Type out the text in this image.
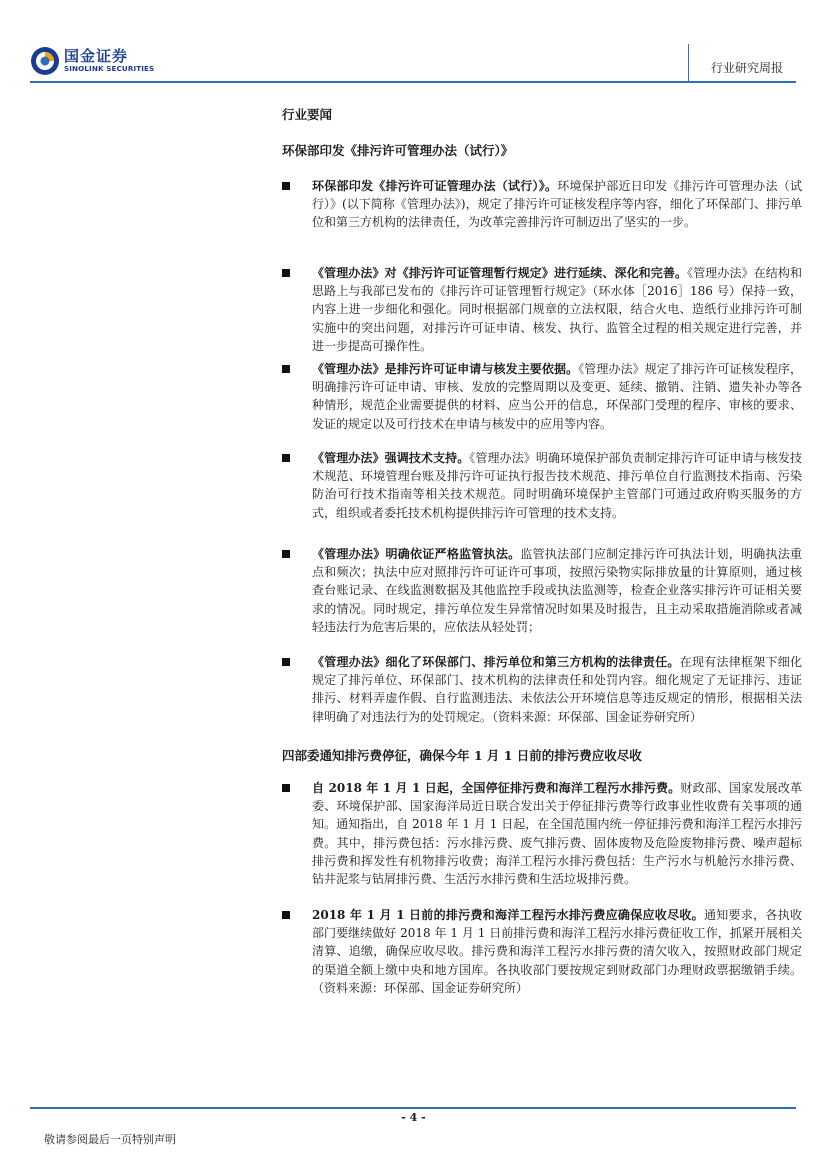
国金证券
SINOLINK SECURITIES	行业研究周报

行业要闻

环保部印发《排污许可管理办法（试行）》

环保部印发《排污许可证管理办法（试行）》。环境保护部近日印发《排污许可管理办法（试行）》(以下简称《管理办法》)，规定了排污许可证核发程序等内容，细化了环保部门、排污单位和第三方机构的法律责任，为改革完善排污许可制迈出了坚实的一步。
《管理办法》对《排污许可证管理暂行规定》进行延续、深化和完善。《管理办法》在结构和思路上与我部已发布的《排污许可证管理暂行规定》（环水体［2016］186 号）保持一致，内容上进一步细化和强化。同时根据部门规章的立法权限，结合火电、造纸行业排污许可制实施中的突出问题，对排污许可证申请、核发、执行、监管全过程的相关规定进行完善，并进一步提高可操作性。
《管理办法》是排污许可证申请与核发主要依据。《管理办法》规定了排污许可证核发程序，明确排污许可证申请、审核、发放的完整周期以及变更、延续、撤销、注销、遗失补办等各种情形，规范企业需要提供的材料、应当公开的信息，环保部门受理的程序、审核的要求、发证的规定以及可行技术在申请与核发中的应用等内容。
《管理办法》强调技术支持。《管理办法》明确环境保护部负责制定排污许可证申请与核发技术规范、环境管理台账及排污许可证执行报告技术规范、排污单位自行监测技术指南、污染防治可行技术指南等相关技术规范。同时明确环境保护主管部门可通过政府购买服务的方式，组织或者委托技术机构提供排污许可管理的技术支持。
《管理办法》明确依证严格监管执法。监管执法部门应制定排污许可执法计划，明确执法重点和频次；执法中应对照排污许可证许可事项，按照污染物实际排放量的计算原则，通过核查台账记录、在线监测数据及其他监控手段或执法监测等，检查企业落实排污许可证相关要求的情况。同时规定，排污单位发生异常情况时如果及时报告，且主动采取措施消除或者减轻违法行为危害后果的，应依法从轻处罚；
《管理办法》细化了环保部门、排污单位和第三方机构的法律责任。在现有法律框架下细化规定了排污单位、环保部门、技术机构的法律责任和处罚内容。细化规定了无证排污、违证排污、材料弄虚作假、自行监测违法、未依法公开环境信息等违反规定的情形，根据相关法律明确了对违法行为的处罚规定。（资料来源：环保部、国金证券研究所）

四部委通知排污费停征，确保今年 1 月 1 日前的排污费应收尽收

自 2018 年 1 月 1 日起，全国停征排污费和海洋工程污水排污费。财政部、国家发展改革委、环境保护部、国家海洋局近日联合发出关于停征排污费等行政事业性收费有关事项的通知。通知指出，自 2018 年 1 月 1 日起，在全国范围内统一停征排污费和海洋工程污水排污费。其中，排污费包括：污水排污费、废气排污费、固体废物及危险废物排污费、噪声超标排污费和挥发性有机物排污收费；海洋工程污水排污费包括：生产污水与机舱污水排污费、钻井泥浆与钻屑排污费、生活污水排污费和生活垃圾排污费。
2018 年 1 月 1 日前的排污费和海洋工程污水排污费应确保应收尽收。通知要求，各执收部门要继续做好 2018 年 1 月 1 日前排污费和海洋工程污水排污费征收工作，抓紧开展相关清算、追缴，确保应收尽收。排污费和海洋工程污水排污费的清欠收入，按照财政部门规定的渠道全额上缴中央和地方国库。各执收部门要按规定到财政部门办理财政票据缴销手续。（资料来源：环保部、国金证券研究所）
- 4 -
敬请参阅最后一页特别声明
